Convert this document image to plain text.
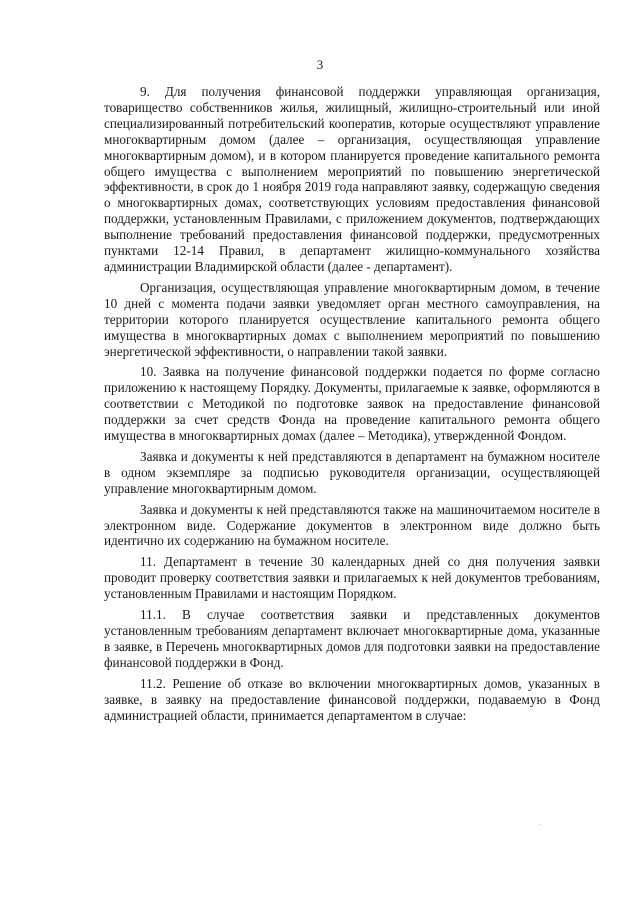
3

9. Для получения финансовой поддержки управляющая организация, товарищество собственников жилья, жилищный, жилищно-строительный или иной специализированный потребительский кооператив, которые осуществляют управление многоквартирным домом (далее – организация, осуществляющая управление многоквартирным домом), и в котором планируется проведение капитального ремонта общего имущества с выполнением мероприятий по повышению энергетической эффективности, в срок до 1 ноября 2019 года направляют заявку, содержащую сведения о многоквартирных домах, соответствующих условиям предоставления финансовой поддержки, установленным Правилами, с приложением документов, подтверждающих выполнение требований предоставления финансовой поддержки, предусмотренных пунктами 12-14 Правил, в департамент жилищно-коммунального хозяйства администрации Владимирской области (далее - департамент).

Организация, осуществляющая управление многоквартирным домом, в течение 10 дней с момента подачи заявки уведомляет орган местного самоуправления, на территории которого планируется осуществление капитального ремонта общего имущества в многоквартирных домах с выполнением мероприятий по повышению энергетической эффективности, о направлении такой заявки.

10. Заявка на получение финансовой поддержки подается по форме согласно приложению к настоящему Порядку. Документы, прилагаемые к заявке, оформляются в соответствии с Методикой по подготовке заявок на предоставление финансовой поддержки за счет средств Фонда на проведение капитального ремонта общего имущества в многоквартирных домах (далее – Методика), утвержденной Фондом.

Заявка и документы к ней представляются в департамент на бумажном носителе в одном экземпляре за подписью руководителя организации, осуществляющей управление многоквартирным домом.

Заявка и документы к ней представляются также на машиночитаемом носителе в электронном виде. Содержание документов в электронном виде должно быть идентично их содержанию на бумажном носителе.

11. Департамент в течение 30 календарных дней со дня получения заявки проводит проверку соответствия заявки и прилагаемых к ней документов требованиям, установленным Правилами и настоящим Порядком.

11.1. В случае соответствия заявки и представленных документов установленным требованиям департамент включает многоквартирные дома, указанные в заявке, в Перечень многоквартирных домов для подготовки заявки на предоставление финансовой поддержки в Фонд.

11.2. Решение об отказе во включении многоквартирных домов, указанных в заявке, в заявку на предоставление финансовой поддержки, подаваемую в Фонд администрацией области, принимается департаментом в случае:
